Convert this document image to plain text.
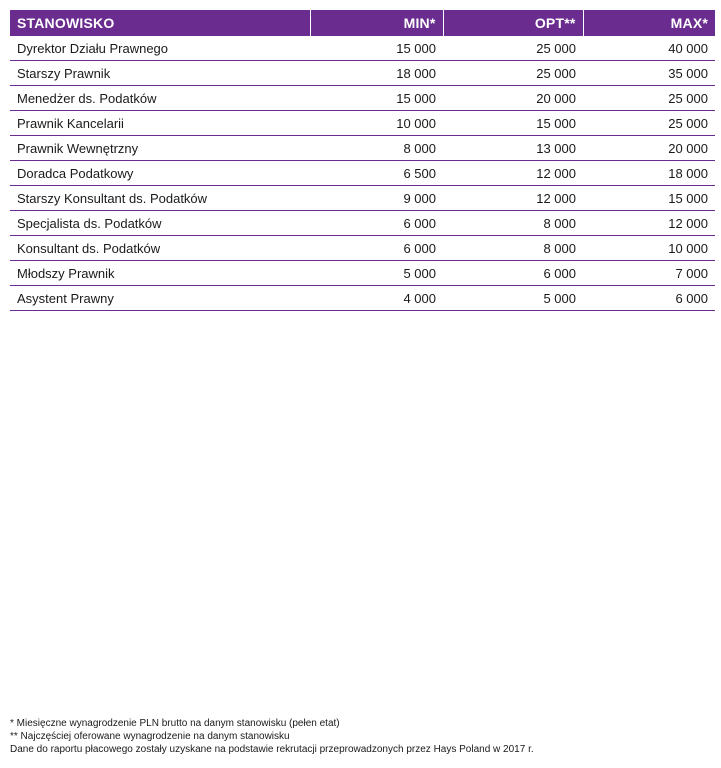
STANOWISKO	MIN*	OPT**	MAX*
Dyrektor Działu Prawnego	15 000	25 000	40 000
Starszy Prawnik	18 000	25 000	35 000
Menedżer ds. Podatków	15 000	20 000	25 000
Prawnik Kancelarii	10 000	15 000	25 000
Prawnik Wewnętrzny	8 000	13 000	20 000
Doradca Podatkowy	6 500	12 000	18 000
Starszy Konsultant ds. Podatków	9 000	12 000	15 000
Specjalista ds. Podatków	6 000	8 000	12 000
Konsultant ds. Podatków	6 000	8 000	10 000
Młodszy Prawnik	5 000	6 000	7 000
Asystent Prawny	4 000	5 000	6 000
* Miesięczne wynagrodzenie PLN brutto na danym stanowisku (pełen etat)
** Najczęściej oferowane wynagrodzenie na danym stanowisku
Dane do raportu płacowego zostały uzyskane na podstawie rekrutacji przeprowadzonych przez Hays Poland w 2017 r.
